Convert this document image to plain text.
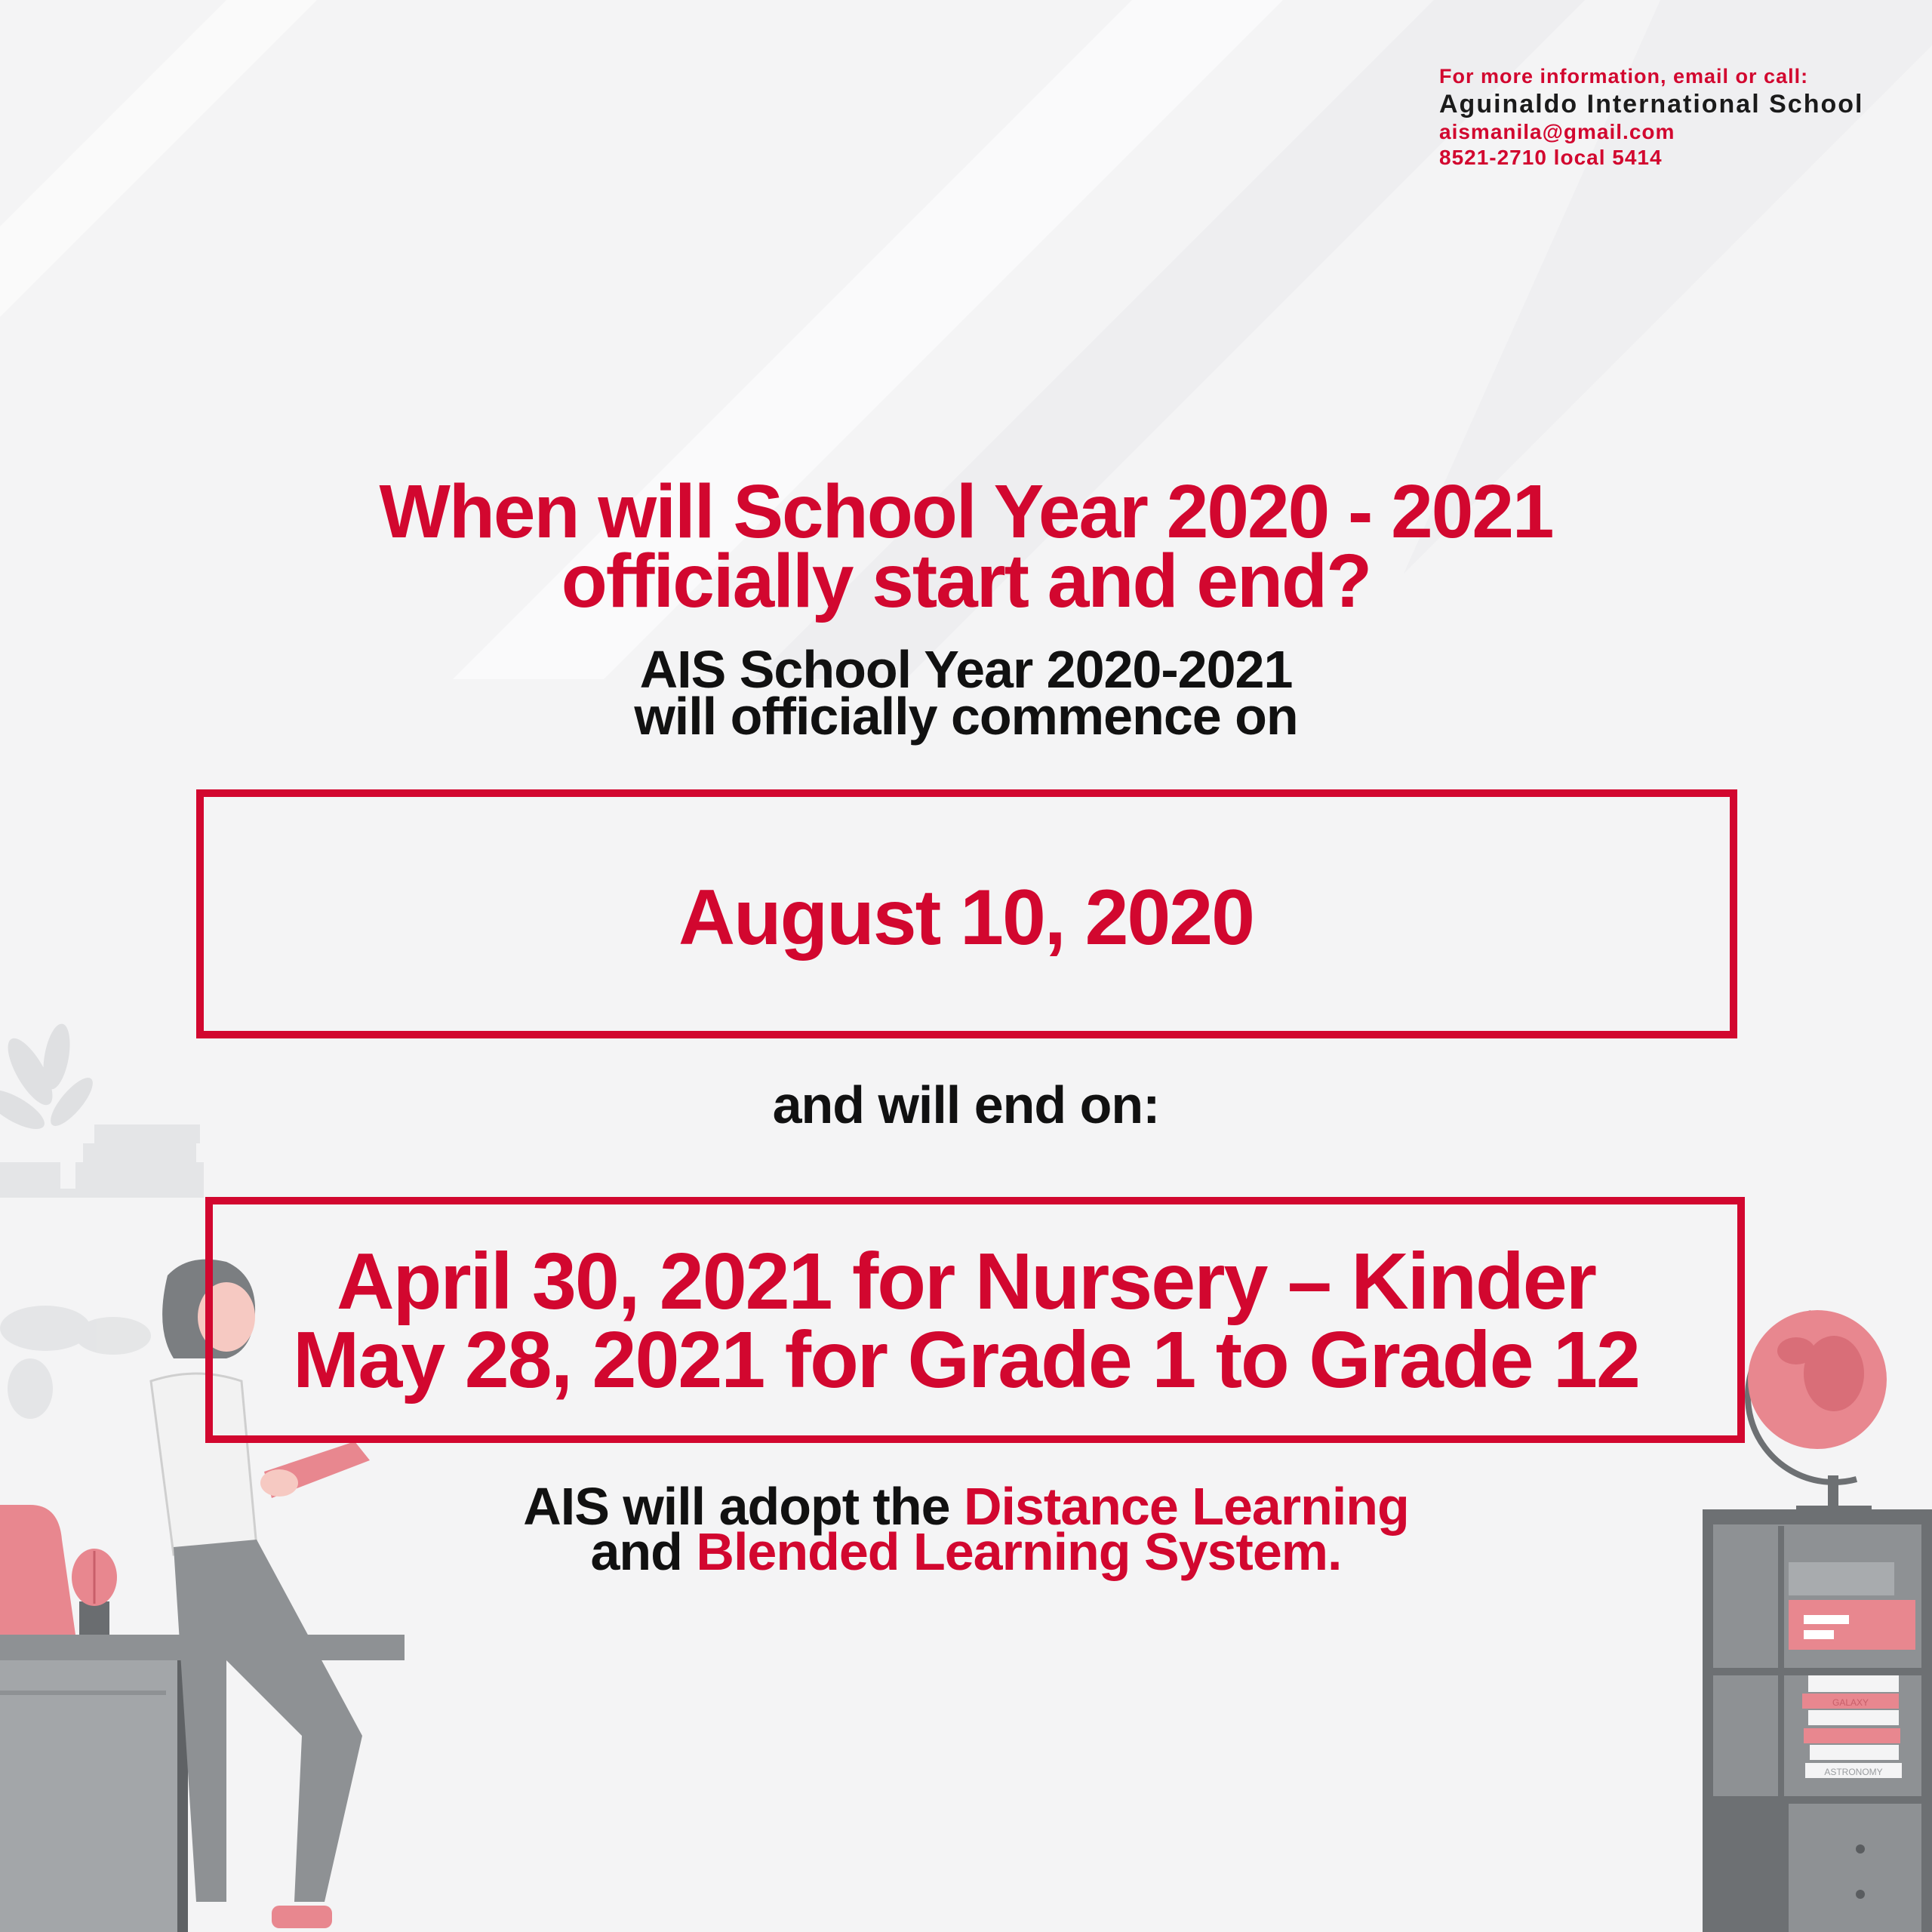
GALAXY
ASTRONOMY
For more information, email or call:
Aguinaldo International School
aismanila@gmail.com
8521-2710 local 5414
When will School Year 2020 - 2021
officially start and end?
AIS School Year 2020-2021
will officially commence on
August 10, 2020
and will end on:
April 30, 2021 for Nursery – Kinder
May 28, 2021 for Grade 1 to Grade 12
AIS will adopt the Distance Learning
and Blended Learning System.
